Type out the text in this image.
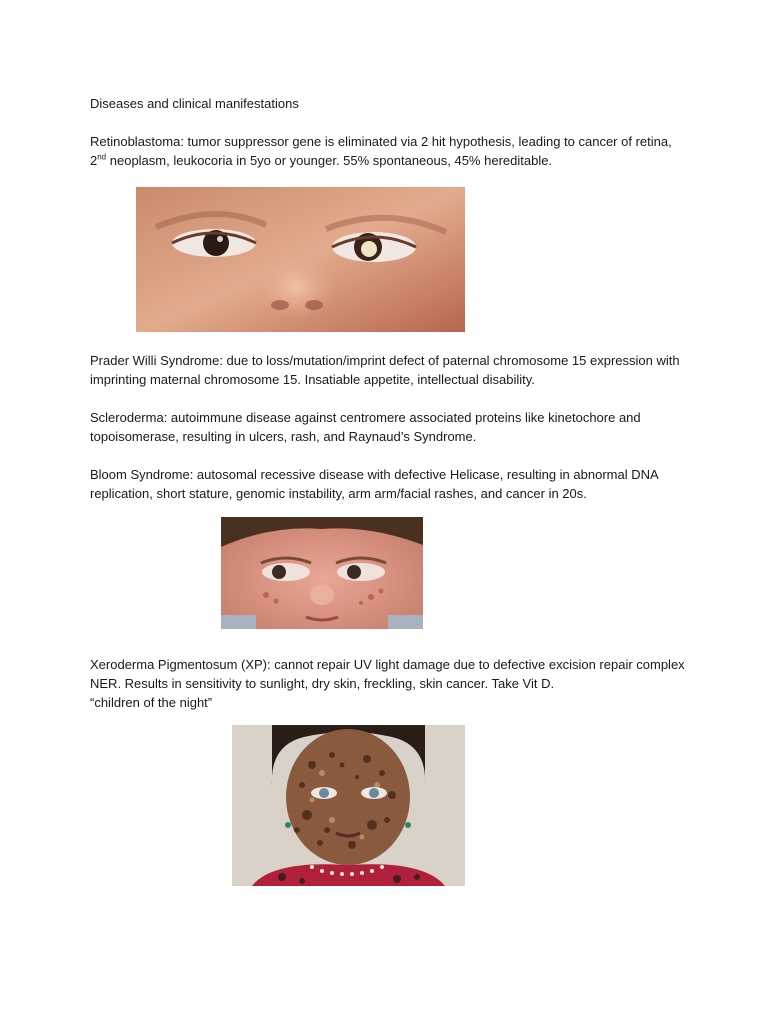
Diseases and clinical manifestations

Retinoblastoma: tumor suppressor gene is eliminated via 2 hit hypothesis, leading to cancer of retina, 2nd neoplasm, leukocoria in 5yo or younger. 55% spontaneous, 45% hereditable.

Prader Willi Syndrome: due to loss/mutation/imprint defect of paternal chromosome 15 expression with imprinting maternal chromosome 15. Insatiable appetite, intellectual disability.

Scleroderma: autoimmune disease against centromere associated proteins like kinetochore and topoisomerase, resulting in ulcers, rash, and Raynaud’s Syndrome.

Bloom Syndrome: autosomal recessive disease with defective Helicase, resulting in abnormal DNA replication, short stature, genomic instability, arm arm/facial rashes, and cancer in 20s.

Xeroderma Pigmentosum (XP): cannot repair UV light damage due to defective excision repair complex NER. Results in sensitivity to sunlight, dry skin, freckling, skin cancer. Take Vit D.

“children of the night”
